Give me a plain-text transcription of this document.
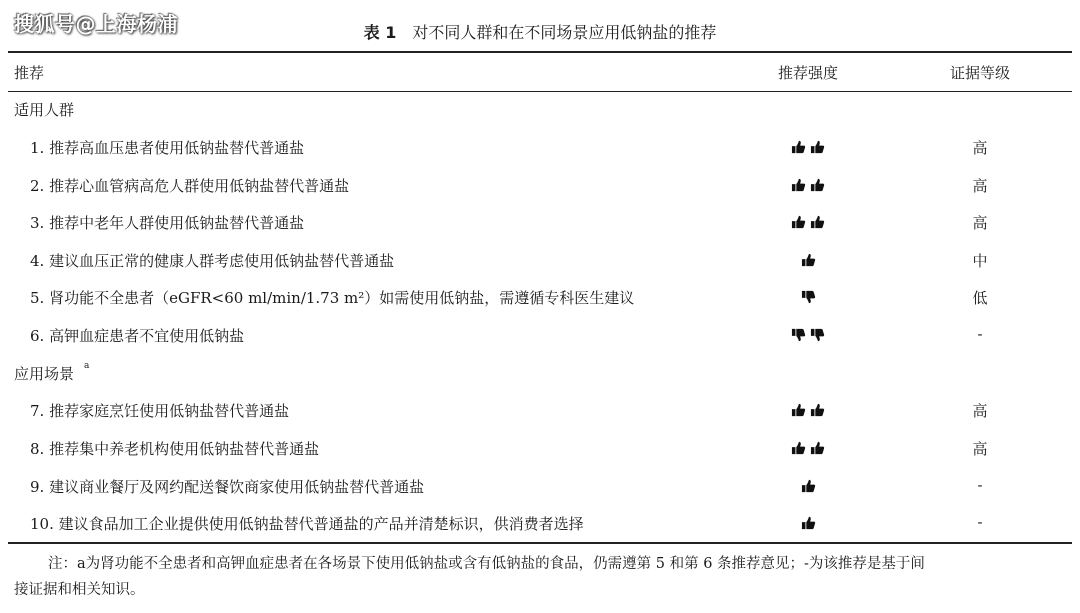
搜狐号@上海杨浦	表 1 对不同人群和在不同场景应用低钠盐的推荐
推荐	推荐强度	证据等级
适用人群
1. 推荐高血压患者使用低钠盐替代普通盐	高
2. 推荐心血管病高危人群使用低钠盐替代普通盐	高
3. 推荐中老年人群使用低钠盐替代普通盐	高
4. 建议血压正常的健康人群考虑使用低钠盐替代普通盐	中
5. 肾功能不全患者（eGFR<60 ml/min/1.73 m²）如需使用低钠盐，需遵循专科医生建议	低
6. 高钾血症患者不宜使用低钠盐	-
应用场景 a
7. 推荐家庭烹饪使用低钠盐替代普通盐	高
8. 推荐集中养老机构使用低钠盐替代普通盐	高
9. 建议商业餐厅及网约配送餐饮商家使用低钠盐替代普通盐	-
10. 建议食品加工企业提供使用低钠盐替代普通盐的产品并清楚标识，供消费者选择	-
注：a为肾功能不全患者和高钾血症患者在各场景下使用低钠盐或含有低钠盐的食品，仍需遵第 5 和第 6 条推荐意见；-为该推荐是基于间
接证据和相关知识。
